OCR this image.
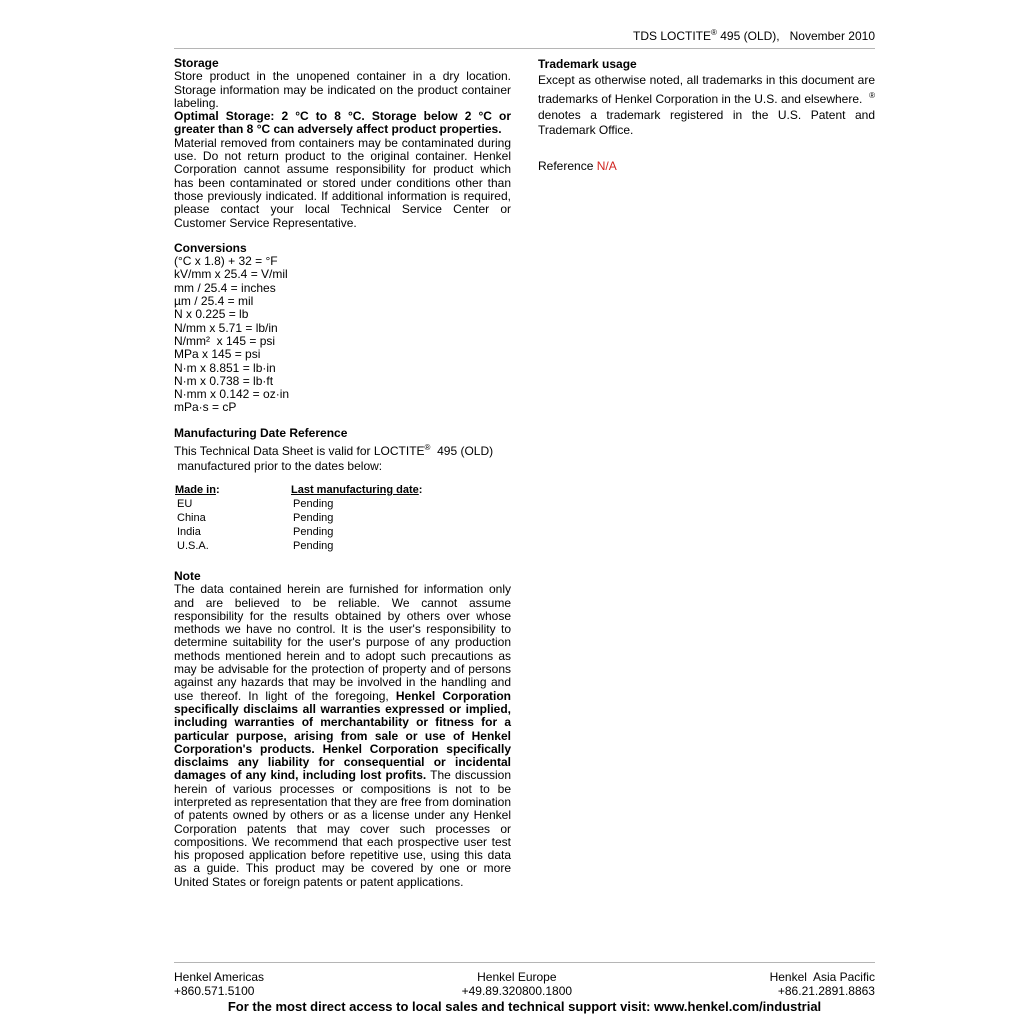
TDS LOCTITE® 495 (OLD),   November 2010
Storage
Store product in the unopened container in a dry location. Storage information may be indicated on the product container labeling.
Optimal Storage: 2 °C to 8 °C. Storage below 2 °C or greater than 8 °C can adversely affect product properties.
Material removed from containers may be contaminated during use. Do not return product to the original container. Henkel Corporation cannot assume responsibility for product which has been contaminated or stored under conditions other than those previously indicated. If additional information is required, please contact your local Technical Service Center or Customer Service Representative.
Conversions
(°C x 1.8) + 32 = °F
kV/mm x 25.4 = V/mil
mm / 25.4 = inches
µm / 25.4 = mil
N x 0.225 = lb
N/mm x 5.71 = lb/in
N/mm²  x 145 = psi
MPa x 145 = psi
N·m x 8.851 = lb·in
N·m x 0.738 = lb·ft
N·mm x 0.142 = oz·in
mPa·s = cP
Manufacturing Date Reference
This Technical Data Sheet is valid for LOCTITE®  495 (OLD)
manufactured prior to the dates below:
Made in:	Last manufacturing date:
EU	Pending
China	Pending
India	Pending
U.S.A.	Pending
Note
The data contained herein are furnished for information only and are believed to be reliable. We cannot assume responsibility for the results obtained by others over whose methods we have no control. It is the user's responsibility to determine suitability for the user's purpose of any production methods mentioned herein and to adopt such precautions as may be advisable for the protection of property and of persons against any hazards that may be involved in the handling and use thereof. In light of the foregoing, Henkel Corporation specifically disclaims all warranties expressed or implied, including warranties of merchantability or fitness for a particular purpose, arising from sale or use of Henkel Corporation's products. Henkel Corporation specifically disclaims any liability for consequential or incidental damages of any kind, including lost profits. The discussion herein of various processes or compositions is not to be interpreted as representation that they are free from domination of patents owned by others or as a license under any Henkel Corporation patents that may cover such processes or compositions. We recommend that each prospective user test his proposed application before repetitive use, using this data as a guide. This product may be covered by one or more United States or foreign patents or patent applications.
Trademark usage
Except as otherwise noted, all trademarks in this document are trademarks of Henkel Corporation in the U.S. and elsewhere.  ® denotes a trademark registered in the U.S. Patent and Trademark Office.
Reference N/A
Henkel Americas
+860.571.5100
Henkel Europe
+49.89.320800.1800
Henkel  Asia Pacific
+86.21.2891.8863
For the most direct access to local sales and technical support visit: www.henkel.com/industrial
